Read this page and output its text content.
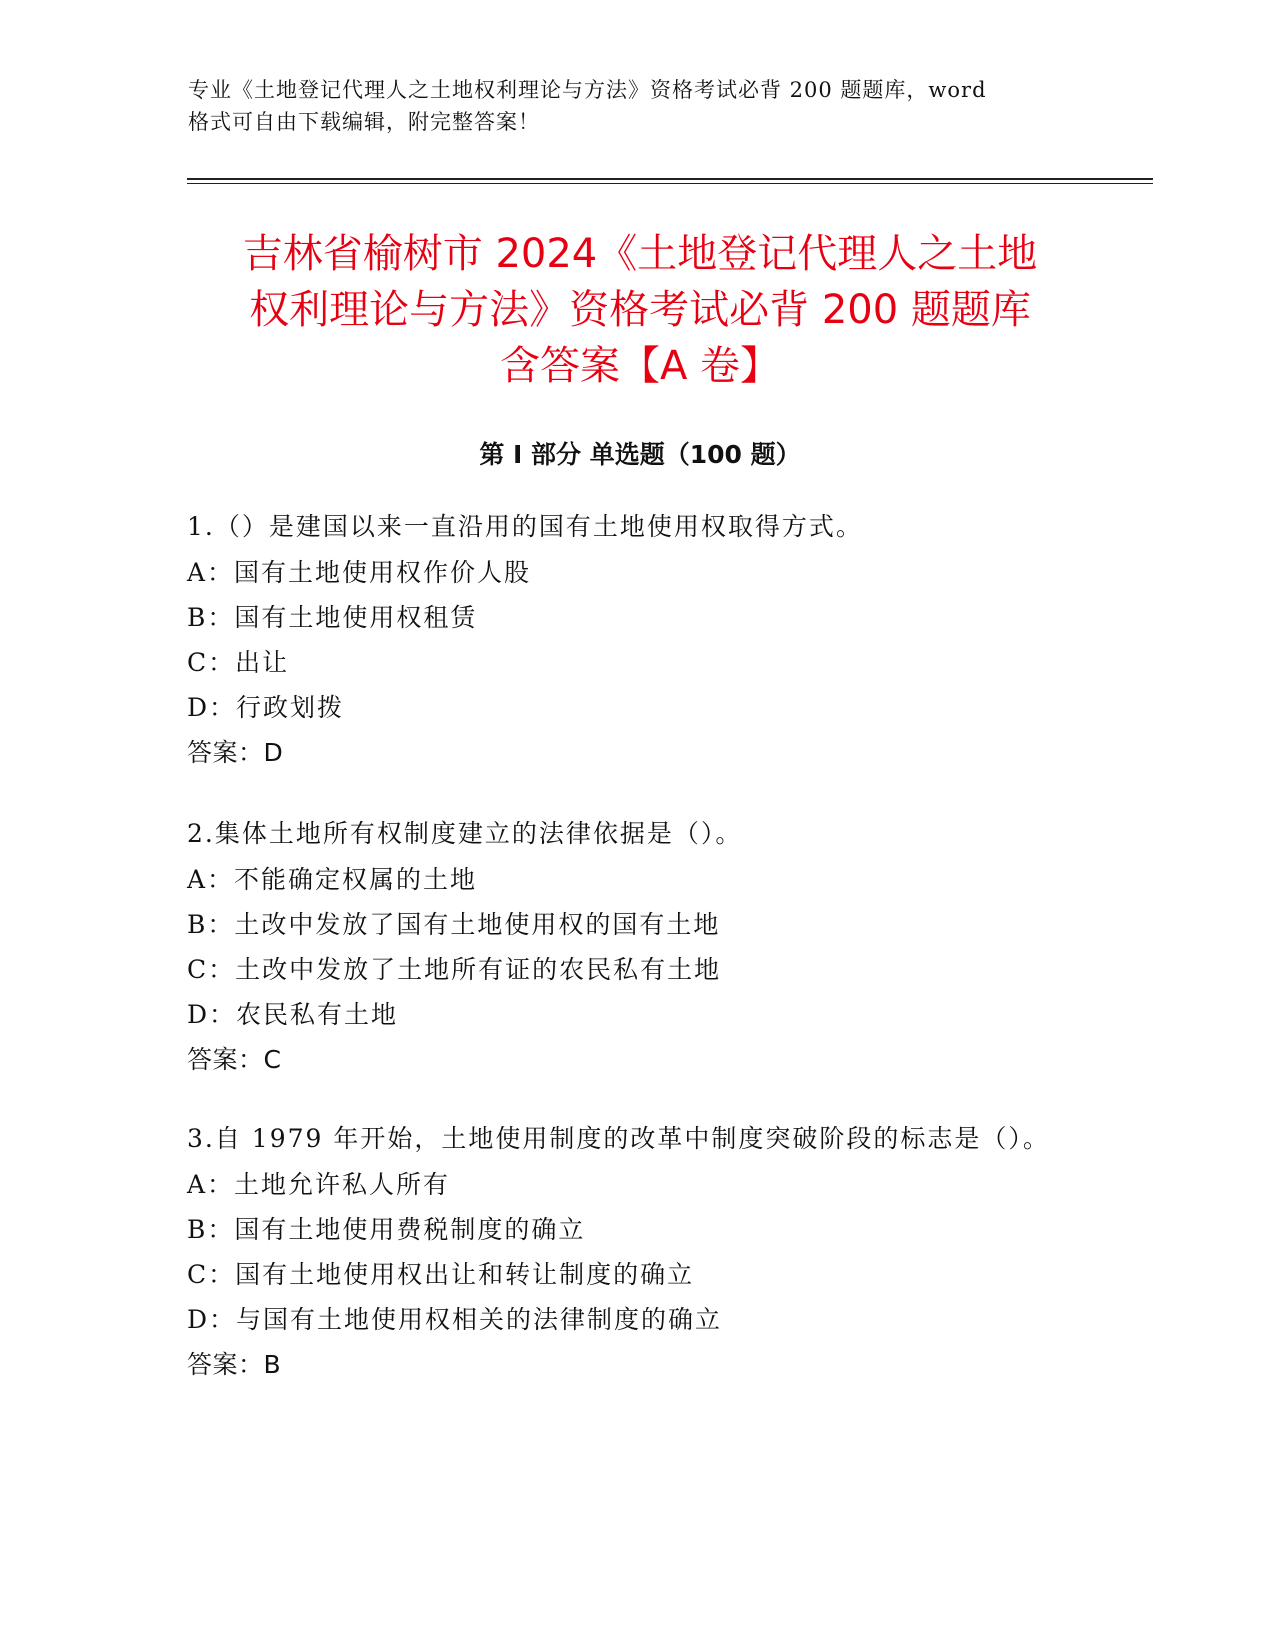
专业《土地登记代理人之土地权利理论与方法》资格考试必背 200 题题库，word
格式可自由下载编辑，附完整答案！
吉林省榆树市 2024《土地登记代理人之土地
权利理论与方法》资格考试必背 200 题题库
含答案【A 卷】
第 I 部分 单选题（100 题）
1.（）是建国以来一直沿用的国有土地使用权取得方式。
A：国有土地使用权作价人股
B：国有土地使用权租赁
C：出让
D：行政划拨
答案：D
2.集体土地所有权制度建立的法律依据是（）。
A：不能确定权属的土地
B：土改中发放了国有土地使用权的国有土地
C：土改中发放了土地所有证的农民私有土地
D：农民私有土地
答案：C
3.自 1979 年开始，土地使用制度的改革中制度突破阶段的标志是（）。
A：土地允许私人所有
B：国有土地使用费税制度的确立
C：国有土地使用权出让和转让制度的确立
D：与国有土地使用权相关的法律制度的确立
答案：B
